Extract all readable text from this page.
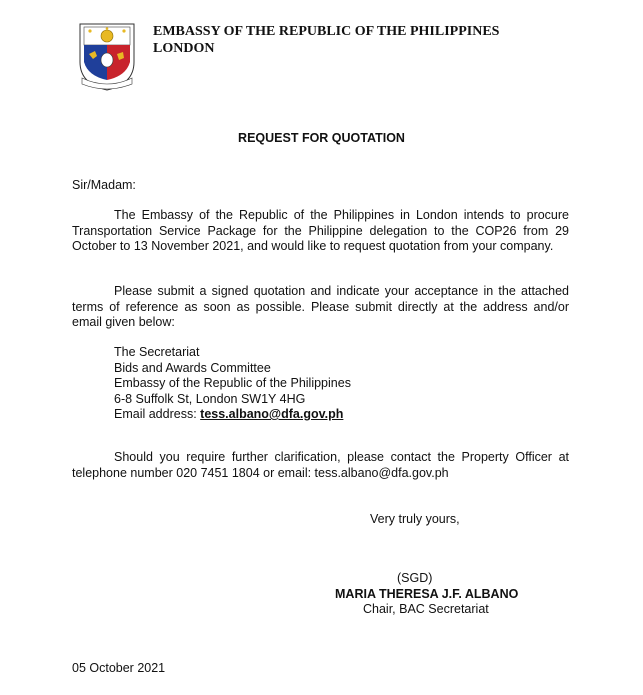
EMBASSY OF THE REPUBLIC OF THE PHILIPPINES
LONDON
REQUEST FOR QUOTATION
Sir/Madam:
The Embassy of the Republic of the Philippines in London intends to procure Transportation Service Package for the Philippine delegation to the COP26 from 29 October to 13 November 2021, and would like to request quotation from your company.
Please submit a signed quotation and indicate your acceptance in the attached terms of reference as soon as possible. Please submit directly at the address and/or email given below:
The Secretariat
Bids and Awards Committee
Embassy of the Republic of the Philippines
6-8 Suffolk St, London SW1Y 4HG
Email address: tess.albano@dfa.gov.ph
Should you require further clarification, please contact the Property Officer at telephone number 020 7451 1804 or email: tess.albano@dfa.gov.ph
Very truly yours,
(SGD)
MARIA THERESA J.F. ALBANO
Chair, BAC Secretariat
05 October 2021
